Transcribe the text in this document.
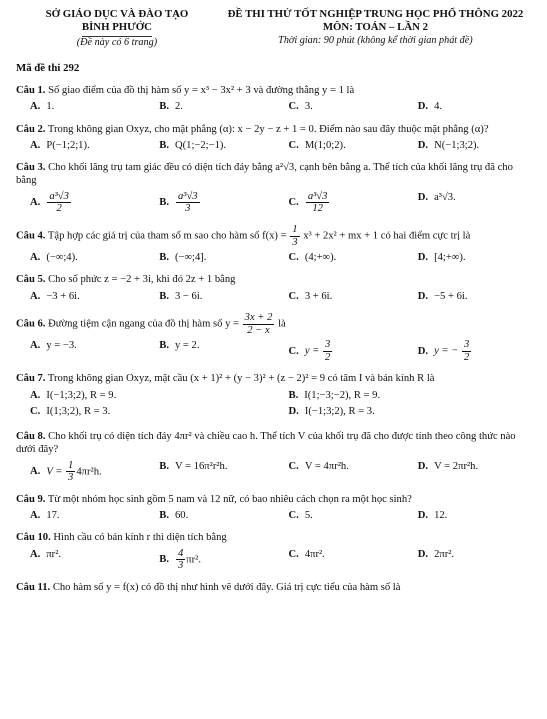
SỞ GIÁO DỤC VÀ ĐÀO TẠO
BÌNH PHƯỚC
(Đề này có 6 trang)
ĐỀ THI THỬ TỐT NGHIỆP TRUNG HỌC PHỔ THÔNG 2022
MÔN: TOÁN – LẦN 2
Thời gian: 90 phút (không kể thời gian phát đề)
Mã đề thi 292

Câu 1. Số giao điểm của đồ thị hàm số y = x³ − 3x² + 3 và đường thẳng y = 1 là

A. 1.	B. 2.	C. 3.	D. 4.

Câu 2. Trong không gian Oxyz, cho mặt phẳng (α): x − 2y − z + 1 = 0. Điểm nào sau đây thuộc mặt phẳng (α)?

A. P(−1;2;1).	B. Q(1;−2;−1).	C. M(1;0;2).	D. N(−1;3;2).

Câu 3. Cho khối lăng trụ tam giác đều có diện tích đáy bằng a²√3, cạnh bên bằng a. Thể tích của khối lăng trụ đã cho bằng

A. $\frac{\text{a³√3}}{2}$	B. $\frac{\text{a³√3}}{3}$	C. $\frac{\text{a³√3}}{12}$	D. a³√3.

Câu 4. Tập hợp các giá trị của tham số m sao cho hàm số $f(x) = \frac{1}{3} x^3 + 2x^2$ + mx + 1 có hai điểm cực trị là

A. (−∞;4).	B. (−∞;4].	C. (4;+∞).	D. [4;+∞).

Câu 5. Cho số phức z = −2 + 3i, khi đó 2z + 1 bằng

A. −3 + 6i.	B. 3 − 6i.	C. 3 + 6i.	D. −5 + 6i.

Câu 6. Đường tiệm cận ngang của đồ thị hàm số $y = \frac{3x + 2}{2 - x}$ là

A. y = −3.	B. y = 2.
C. $y = \frac{3}{2}$	D. y = − $\frac{3}{2}$

Câu 7. Trong không gian Oxyz, mặt cầu (x + 1)² + (y − 3)² + (z − 2)² = 9 có tâm I và bán kính R là

A. I(−1;3;2), R = 9.	B. I(1;−3;−2), R = 9.
C. I(1;3;2), R = 3.	D. I(−1;3;2), R = 3.

Câu 8. Cho khối trụ có diện tích đáy 4πr² và chiều cao h. Thể tích V của khối trụ đã cho được tính theo công thức nào dưới đây?

A. $V = \frac{1}{3} 4\pi r^2h$.
B. V = 16π²r²h.	C. V = 4πr²h.	D. V = 2πr²h.

Câu 9. Từ một nhóm học sinh gồm 5 nam và 12 nữ, có bao nhiêu cách chọn ra một học sinh?

A. 17.	B. 60.	C. 5.	D. 12.

Câu 10. Hình cầu có bán kính r thì diện tích bằng

A. πr².
B. $\frac{4}{3} \pi r^2$.
C. 4πr².	D. 2πr².

Câu 11. Cho hàm số y = f(x) có đồ thị như hình vẽ dưới đây. Giá trị cực tiểu của hàm số là
